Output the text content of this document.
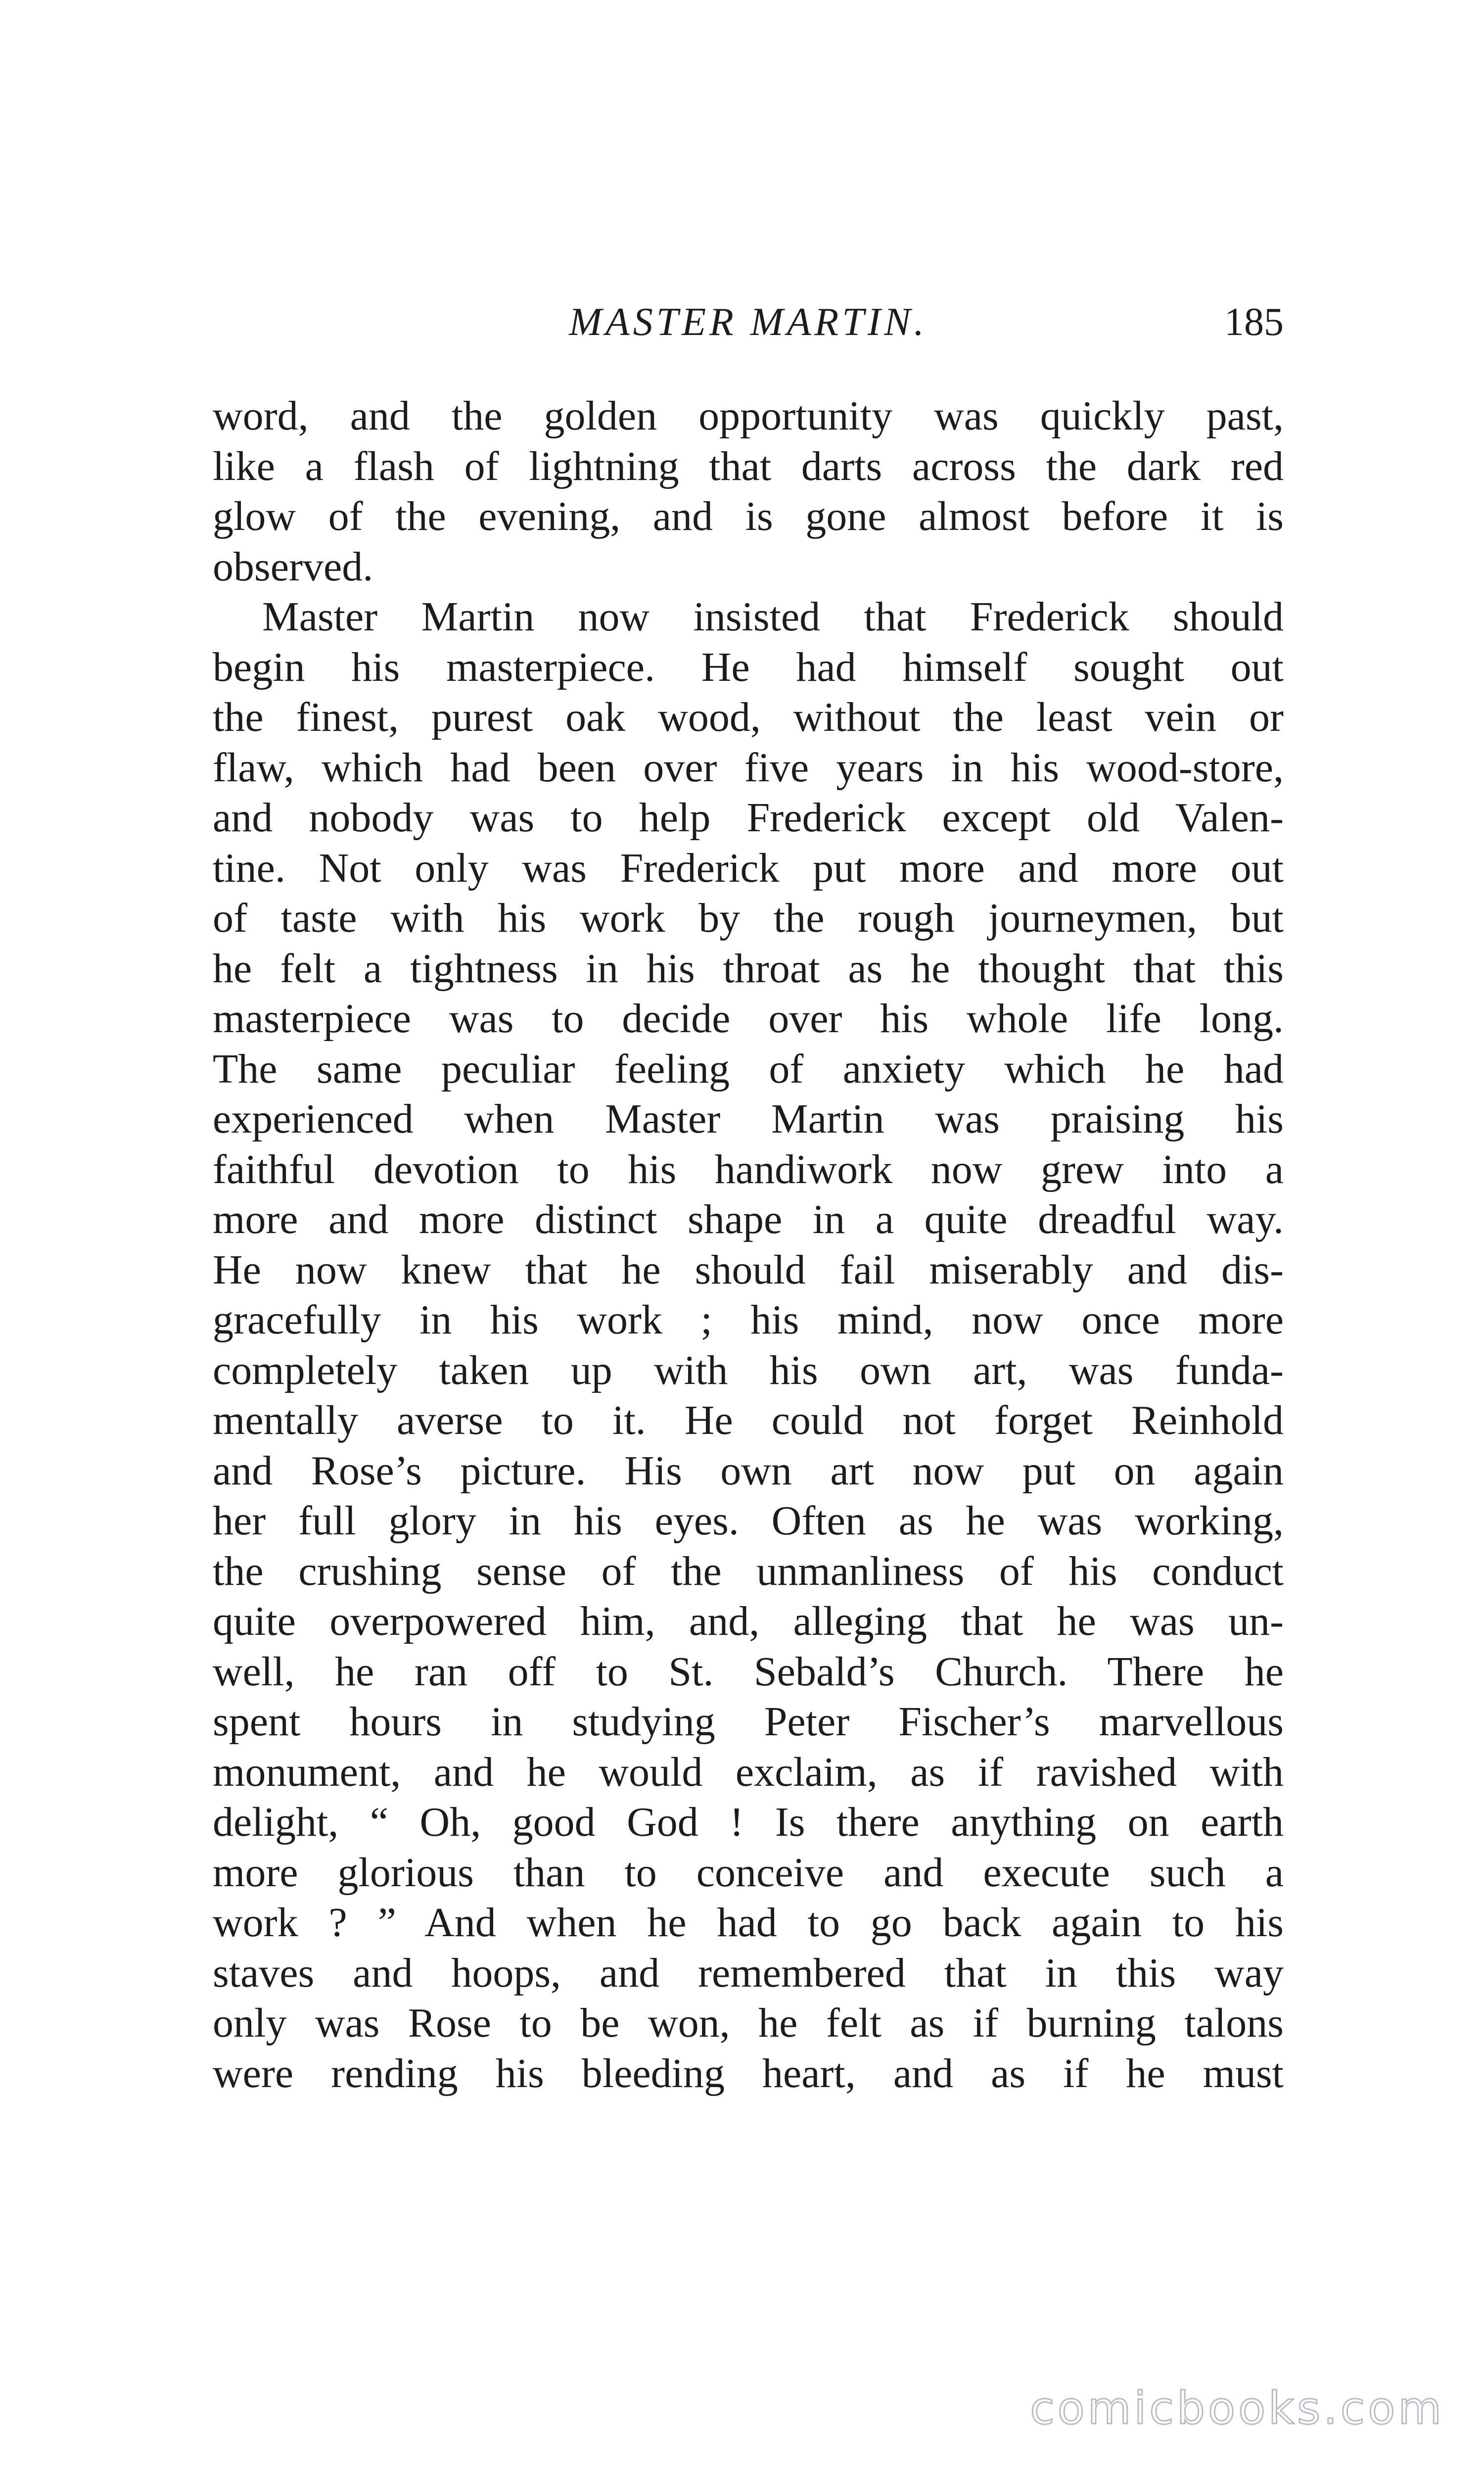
MASTER MARTIN.	185
word, and the golden opportunity was quickly past,
like a flash of lightning that darts across the dark red
glow of the evening, and is gone almost before it is
observed.
Master Martin now insisted that Frederick should
begin his masterpiece. He had himself sought out
the finest, purest oak wood, without the least vein or
flaw, which had been over five years in his wood-store,
and nobody was to help Frederick except old Valen-
tine. Not only was Frederick put more and more out
of taste with his work by the rough journeymen, but
he felt a tightness in his throat as he thought that this
masterpiece was to decide over his whole life long.
The same peculiar feeling of anxiety which he had
experienced when Master Martin was praising his
faithful devotion to his handiwork now grew into a
more and more distinct shape in a quite dreadful way.
He now knew that he should fail miserably and dis-
gracefully in his work ; his mind, now once more
completely taken up with his own art, was funda-
mentally averse to it. He could not forget Reinhold
and Rose’s picture. His own art now put on again
her full glory in his eyes. Often as he was working,
the crushing sense of the unmanliness of his conduct
quite overpowered him, and, alleging that he was un-
well, he ran off to St. Sebald’s Church. There he
spent hours in studying Peter Fischer’s marvellous
monument, and he would exclaim, as if ravished with
delight, “ Oh, good God ! Is there anything on earth
more glorious than to conceive and execute such a
work ? ” And when he had to go back again to his
staves and hoops, and remembered that in this way
only was Rose to be won, he felt as if burning talons
were rending his bleeding heart, and as if he must
comicbooks.com
